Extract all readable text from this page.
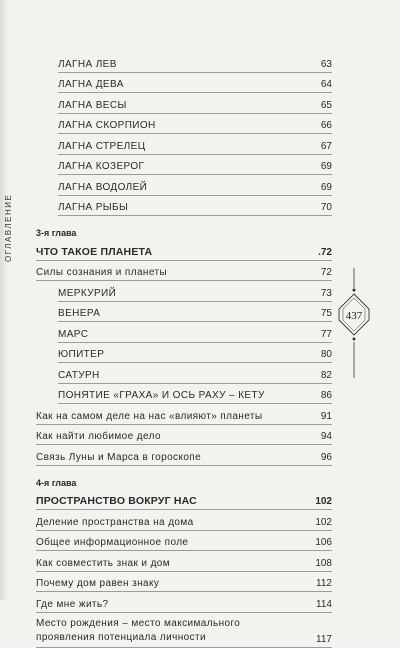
ЛАГНА ЛЕВ	63
ЛАГНА ДЕВА	64
ЛАГНА ВЕСЫ	65
ЛАГНА СКОРПИОН	66
ЛАГНА СТРЕЛЕЦ	67
ЛАГНА КОЗЕРОГ	69
ЛАГНА ВОДОЛЕЙ	69
ЛАГНА РЫБЫ	70
3-я глава
ЧТО ТАКОЕ ПЛАНЕТА	.72
Силы сознания и планеты	72
МЕРКУРИЙ	73
ВЕНЕРА	75
МАРС	77
ЮПИТЕР	80
САТУРН	82
ПОНЯТИЕ «ГРАХА» И ОСЬ РАХУ – КЕТУ	86
Как на самом деле на нас «влияют» планеты	91
Как найти любимое дело	94
Связь Луны и Марса в гороскопе	96
4-я глава
ПРОСТРАНСТВО ВОКРУГ НАС	102
Деление пространства на дома	102
Общее информационное поле	106
Как совместить знак и дом	108
Почему дом равен знаку	112
Где мне жить?	114
Место рождения – место максимального проявления потенциала личности	117
ОГЛАВЛЕНИЕ
437
